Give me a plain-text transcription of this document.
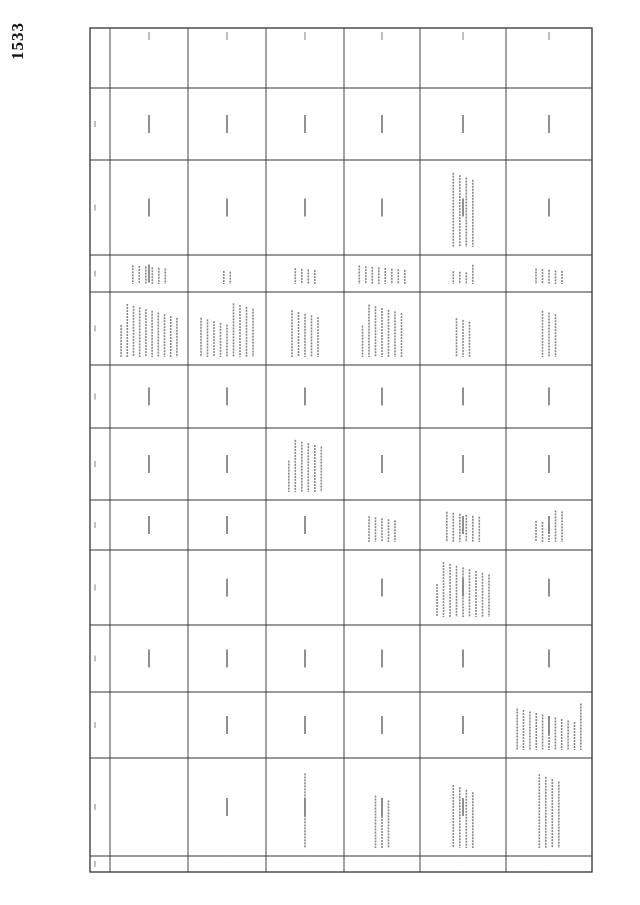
1533
